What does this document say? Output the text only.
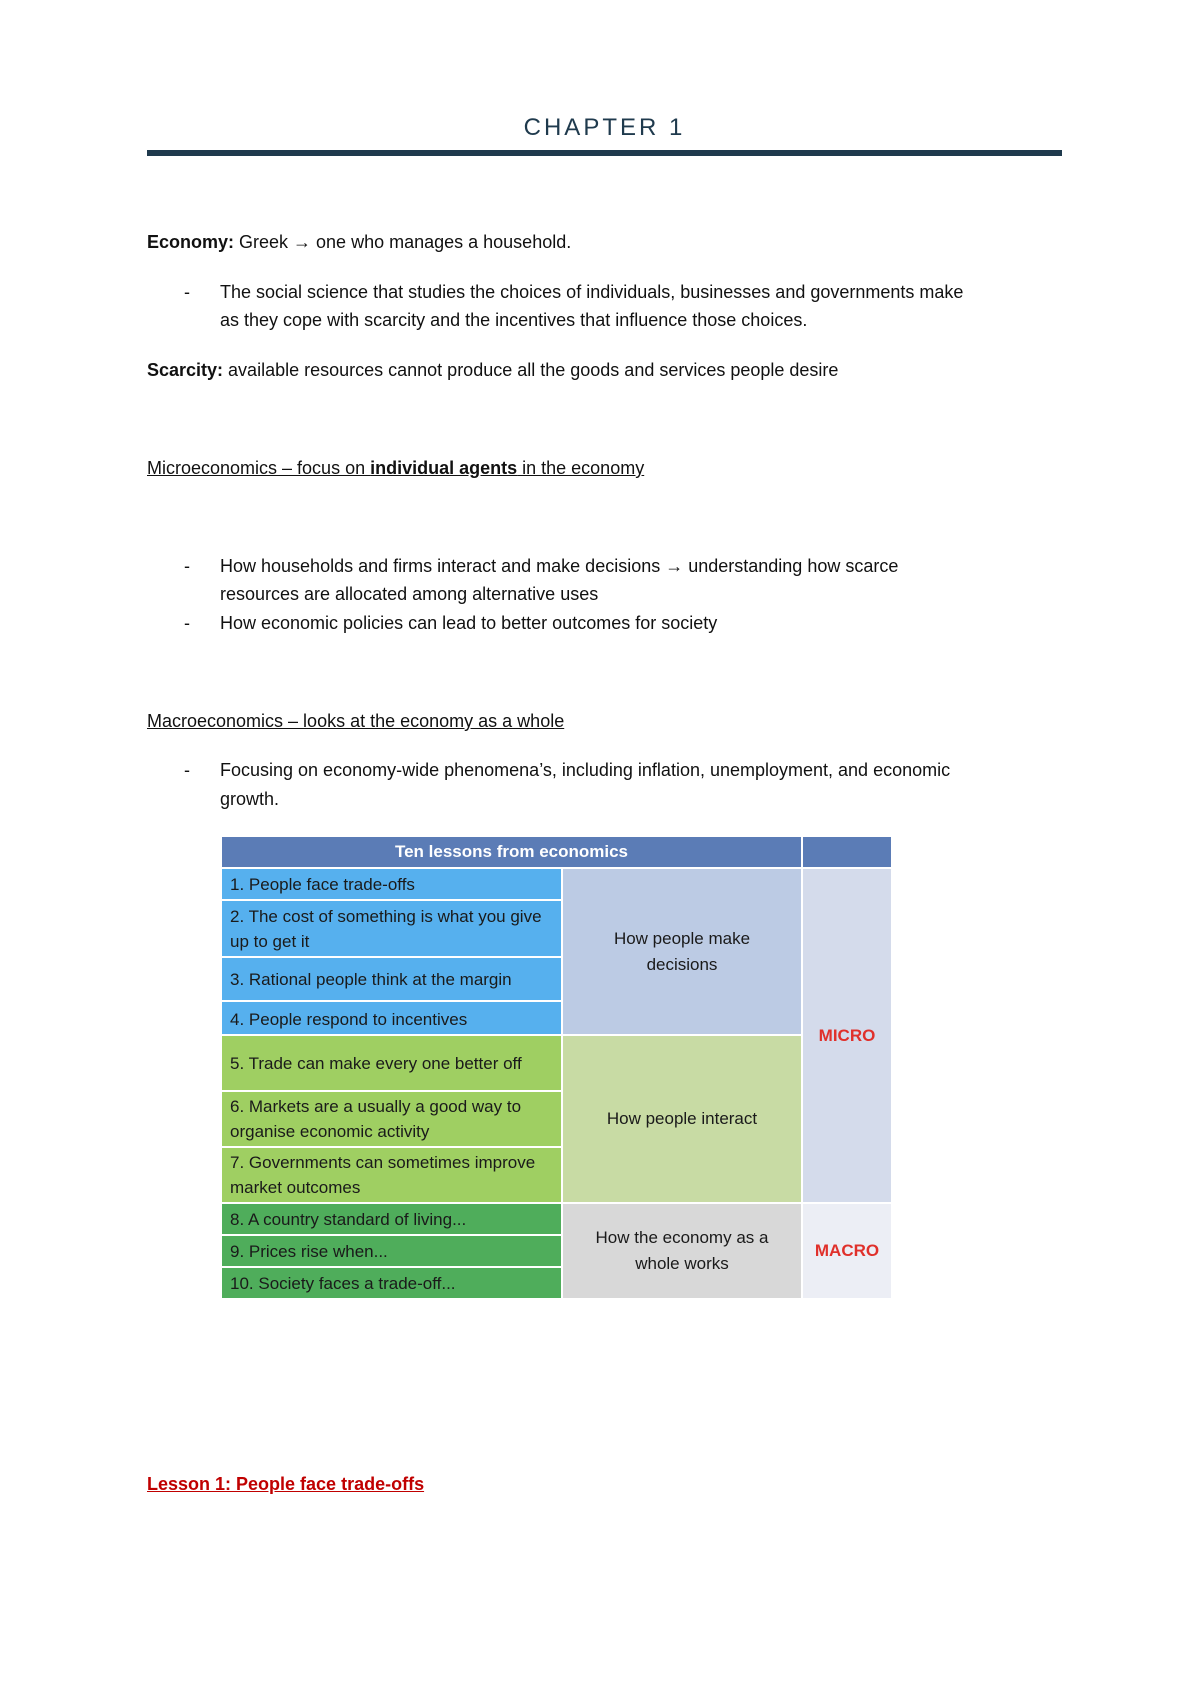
CHAPTER 1
Economy: Greek → one who manages a household.
- The social science that studies the choices of individuals, businesses and governments make
as they cope with scarcity and the incentives that influence those choices.
Scarcity: available resources cannot produce all the goods and services people desire
Microeconomics – focus on individual agents in the economy
- How households and firms interact and make decisions → understanding how scarce
resources are allocated among alternative uses
- How economic policies can lead to better outcomes for society
Macroeconomics – looks at the economy as a whole
- Focusing on economy-wide phenomena’s, including inflation, unemployment, and economic
growth.
Ten lessons from economics
1. People face trade-offs
2. The cost of something is what you give up to get it
3. Rational people think at the margin
4. People respond to incentives
5. Trade can make every one better off
6. Markets are a usually a good way to organise economic activity
7. Governments can sometimes improve market outcomes
8. A country standard of living...
9. Prices rise when...
10. Society faces a trade-off...
How people make decisions
How people interact
How the economy as a whole works
MICRO
MACRO
Lesson 1: People face trade-offs
